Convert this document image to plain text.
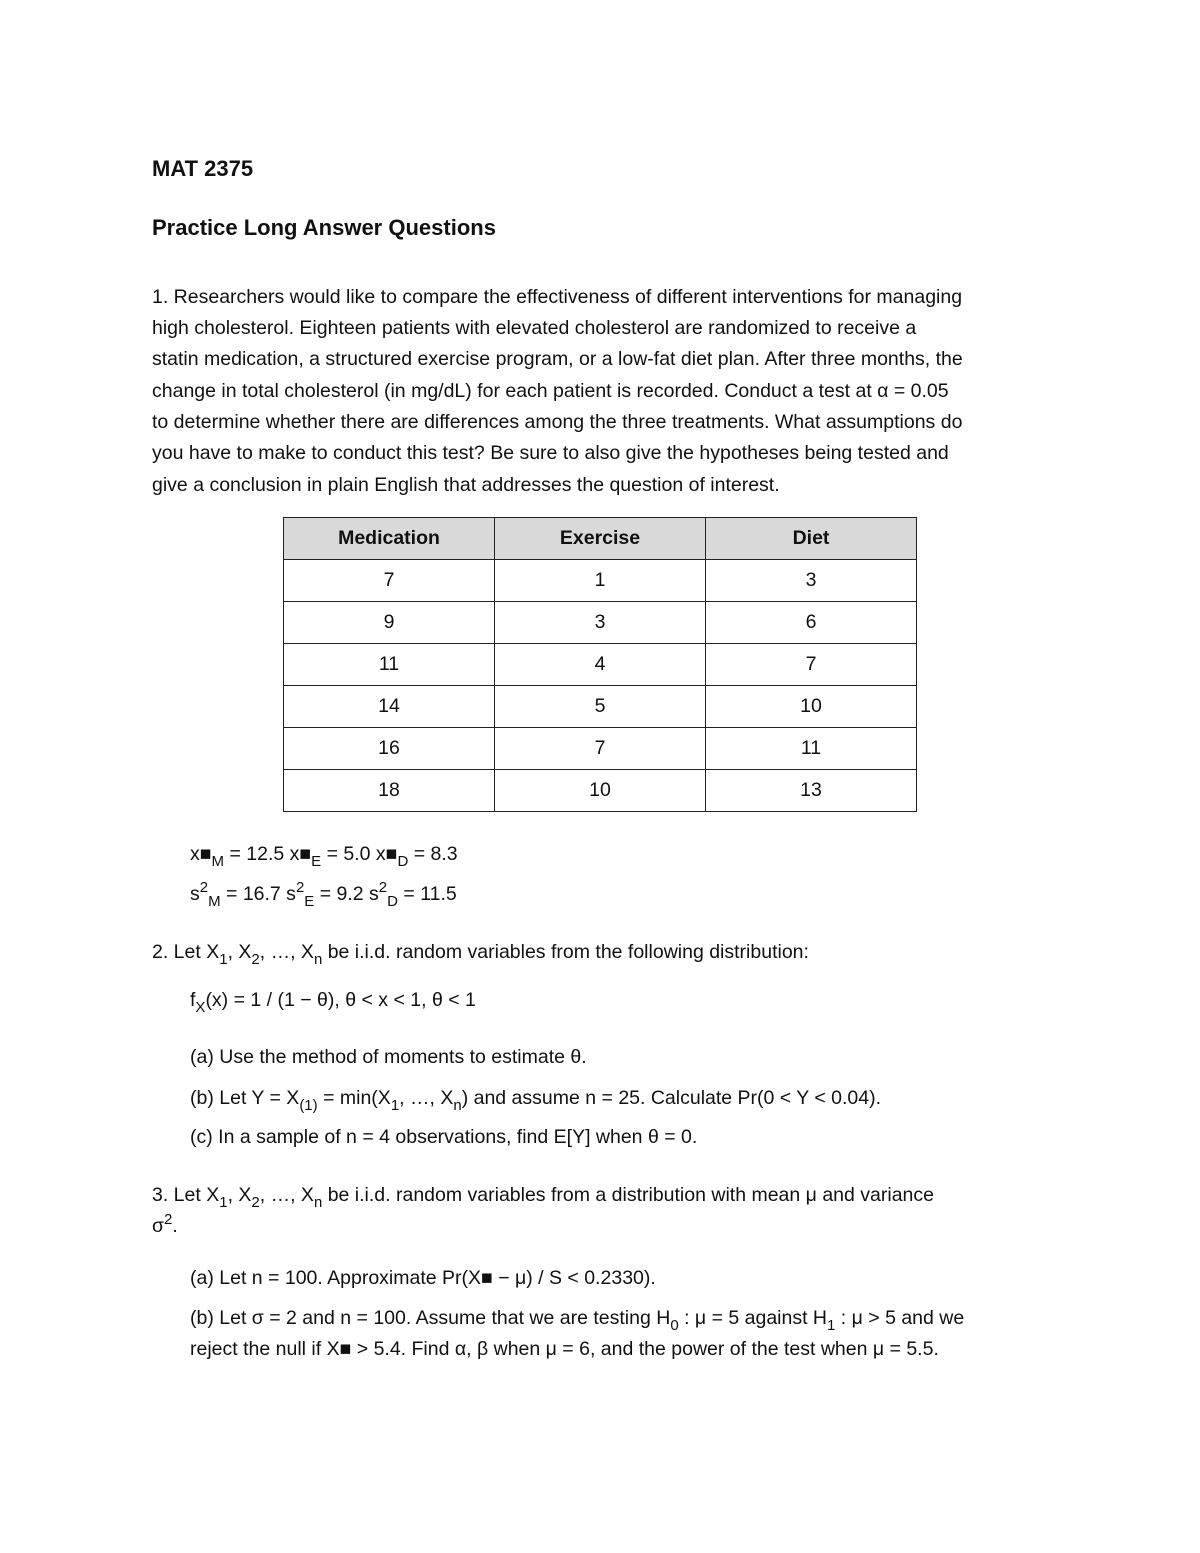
MAT 2375
Practice Long Answer Questions
1. Researchers would like to compare the effectiveness of different interventions for managing
high cholesterol. Eighteen patients with elevated cholesterol are randomized to receive a
statin medication, a structured exercise program, or a low-fat diet plan. After three months, the
change in total cholesterol (in mg/dL) for each patient is recorded. Conduct a test at α = 0.05
to determine whether there are differences among the three treatments. What assumptions do
you have to make to conduct this test? Be sure to also give the hypotheses being tested and
give a conclusion in plain English that addresses the question of interest.
Medication	Exercise	Diet
7	1	3
9	3	6
11	4	7
14	5	10
16	7	11
18	10	13
$x■_M = 12.5$ $x■_E = 5.0$ $x■_D = 8.3$
$s^2_M = 16.7$ $s^2_E = 9.2$ $s^2_D = 11.5$
2. Let $X_1$, $X_2$, …, $X_n$ be i.i.d. random variables from the following distribution:
$f_X(x) = 1 / (1 - \theta)$, θ < x < 1, θ < 1
(a) Use the method of moments to estimate θ.
(b) Let $Y = X_{(1)} = \min(X_1$, …, $X_n$) and assume n = 25. Calculate Pr(0 < Y < 0.04).
(c) In a sample of n = 4 observations, find E[Y] when θ = 0.
3. Let $X_1$, $X_2$, …, $X_n$ be i.i.d. random variables from a distribution with mean μ and variance
$\sigma^2$.
(a) Let n = 100. Approximate Pr(X■ − μ) / S < 0.2330).
(b) Let σ = 2 and n = 100. Assume that we are testing $H_0$ : μ = 5 against $H_1$ : μ > 5 and we
reject the null if X■ > 5.4. Find α, β when μ = 6, and the power of the test when μ = 5.5.
